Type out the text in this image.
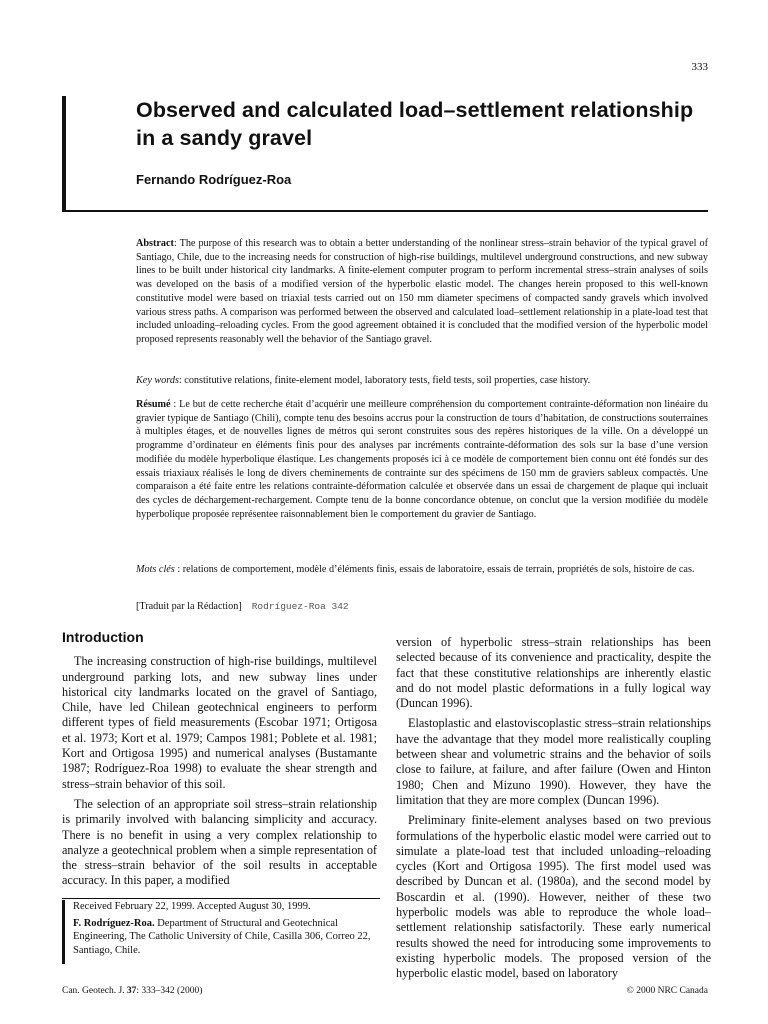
333
Observed and calculated load–settlement relationship in a sandy gravel
Fernando Rodríguez-Roa
Abstract: The purpose of this research was to obtain a better understanding of the nonlinear stress–strain behavior of the typical gravel of Santiago, Chile, due to the increasing needs for construction of high-rise buildings, multilevel underground constructions, and new subway lines to be built under historical city landmarks. A finite-element computer program to perform incremental stress–strain analyses of soils was developed on the basis of a modified version of the hyperbolic elastic model. The changes herein proposed to this well-known constitutive model were based on triaxial tests carried out on 150 mm diameter specimens of compacted sandy gravels which involved various stress paths. A comparison was performed between the observed and calculated load–settlement relationship in a plate-load test that included unloading–reloading cycles. From the good agreement obtained it is concluded that the modified version of the hyperbolic model proposed represents reasonably well the behavior of the Santiago gravel.
Key words: constitutive relations, finite-element model, laboratory tests, field tests, soil properties, case history.
Résumé : Le but de cette recherche était d’acquérir une meilleure compréhension du comportement contrainte-déformation non linéaire du gravier typique de Santiago (Chili), compte tenu des besoins accrus pour la construction de tours d’habitation, de constructions souterraines à multiples étages, et de nouvelles lignes de métros qui seront construites sous des repères historiques de la ville. On a développé un programme d’ordinateur en éléments finis pour des analyses par incréments contrainte-déformation des sols sur la base d’une version modifiée du modèle hyperbolique élastique. Les changements proposés ici à ce modèle de comportement bien connu ont été fondés sur des essais triaxiaux réalisés le long de divers cheminements de contrainte sur des spécimens de 150 mm de graviers sableux compactés. Une comparaison a été faite entre les relations contrainte-déformation calculée et observée dans un essai de chargement de plaque qui incluait des cycles de déchargement-rechargement. Compte tenu de la bonne concordance obtenue, on conclut que la version modifiée du modèle hyperbolique proposée représentee raisonnablement bien le comportement du gravier de Santiago.
Mots clés : relations de comportement, modèle d’éléments finis, essais de laboratoire, essais de terrain, propriétés de sols, histoire de cas.
[Traduit par la Rédaction] Rodríguez-Roa 342
Introduction

The increasing construction of high-rise buildings, multilevel underground parking lots, and new subway lines under historical city landmarks located on the gravel of Santiago, Chile, have led Chilean geotechnical engineers to perform different types of field measurements (Escobar 1971; Ortigosa et al. 1973; Kort et al. 1979; Campos 1981; Poblete et al. 1981; Kort and Ortigosa 1995) and numerical analyses (Bustamante 1987; Rodríguez-Roa 1998) to evaluate the shear strength and stress–strain behavior of this soil.

The selection of an appropriate soil stress–strain relationship is primarily involved with balancing simplicity and accuracy. There is no benefit in using a very complex relationship to analyze a geotechnical problem when a simple representation of the stress–strain behavior of the soil results in acceptable accuracy. In this paper, a modified

version of hyperbolic stress–strain relationships has been selected because of its convenience and practicality, despite the fact that these constitutive relationships are inherently elastic and do not model plastic deformations in a fully logical way (Duncan 1996).

Elastoplastic and elastoviscoplastic stress–strain relationships have the advantage that they model more realistically coupling between shear and volumetric strains and the behavior of soils close to failure, at failure, and after failure (Owen and Hinton 1980; Chen and Mizuno 1990). However, they have the limitation that they are more complex (Duncan 1996).

Preliminary finite-element analyses based on two previous formulations of the hyperbolic elastic model were carried out to simulate a plate-load test that included unloading–reloading cycles (Kort and Ortigosa 1995). The first model used was described by Duncan et al. (1980a), and the second model by Boscardin et al. (1990). However, neither of these two hyperbolic models was able to reproduce the whole load–settlement relationship satisfactorily. These early numerical results showed the need for introducing some improvements to existing hyperbolic models. The proposed version of the hyperbolic elastic model, based on laboratory

Received February 22, 1999. Accepted August 30, 1999.

F. Rodríguez-Roa. Department of Structural and Geotechnical Engineering, The Catholic University of Chile, Casilla 306, Correo 22, Santiago, Chile.

Can. Geotech. J. 37: 333–342 (2000)	© 2000 NRC Canada
